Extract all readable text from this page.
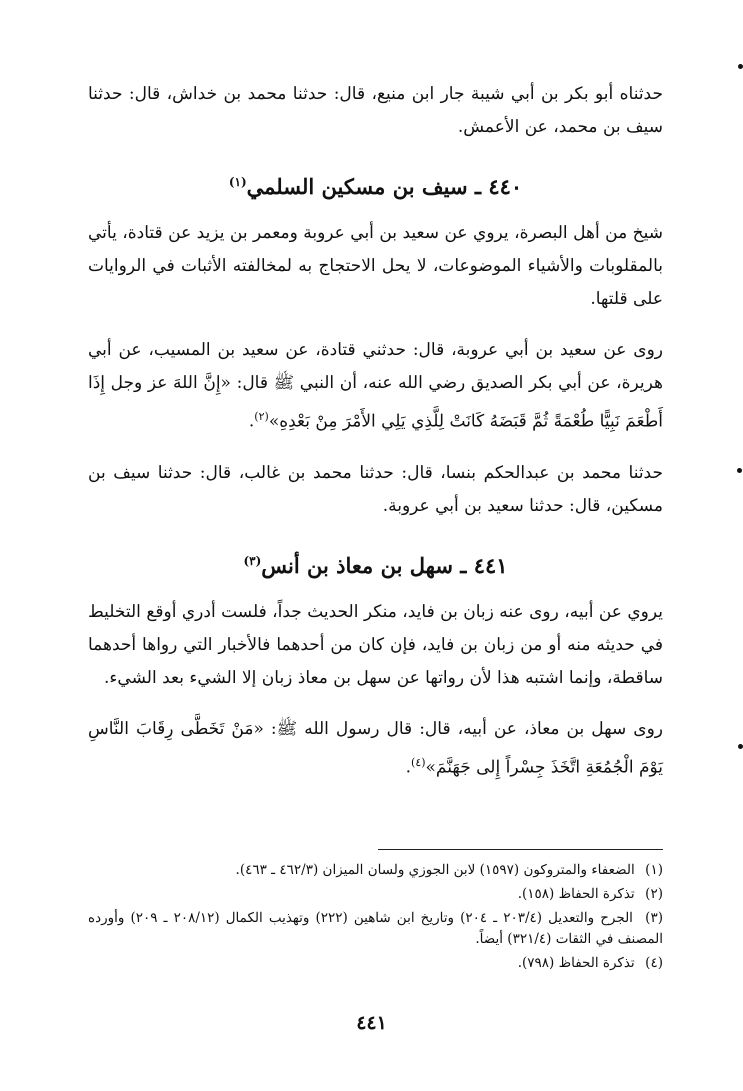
حدثناه أبو بكر بن أبي شيبة جار ابن منيع، قال: حدثنا محمد بن خداش، قال: حدثنا سيف بن محمد، عن الأعمش.

٤٤٠ ـ سيف بن مسكين السلمي$^{(١)}$

شيخ من أهل البصرة، يروي عن سعيد بن أبي عروبة ومعمر بن يزيد عن قتادة، يأتي بالمقلوبات والأشياء الموضوعات، لا يحل الاحتجاج به لمخالفته الأثبات في الروايات على قلتها.

روى عن سعيد بن أبي عروبة، قال: حدثني قتادة، عن سعيد بن المسيب، عن أبي هريرة، عن أبي بكر الصديق رضي الله عنه، أن النبي ﷺ قال: «إِنَّ اللهَ عز وجل إِذَا أَطْعَمَ نَبِيًّا طُعْمَةً ثُمَّ قَبَضَهُ كَانَتْ لِلَّذِي يَلِي الأَمْرَ مِنْ بَعْدِهِ»$^{(٢)}$.

حدثنا محمد بن عبدالحكم بنسا، قال: حدثنا محمد بن غالب، قال: حدثنا سيف بن مسكين، قال: حدثنا سعيد بن أبي عروبة.

٤٤١ ـ سهل بن معاذ بن أنس$^{(٣)}$

يروي عن أبيه، روى عنه زبان بن فايد، منكر الحديث جداً، فلست أدري أوقع التخليط في حديثه منه أو من زبان بن فايد، فإن كان من أحدهما فالأخبار التي رواها أحدهما ساقطة، وإنما اشتبه هذا لأن رواتها عن سهل بن معاذ زبان إلا الشيء بعد الشيء.

روى سهل بن معاذ، عن أبيه، قال: قال رسول الله ﷺ: «مَنْ تَخَطَّى رِقَابَ النَّاسِ يَوْمَ الْجُمُعَةِ اتَّخَذَ جِسْراً إِلى جَهَنَّمَ»$^{(٤)}$.

(١) الضعفاء والمتروكون (١٥٩٧) لابن الجوزي ولسان الميزان (٤٦٢/٣ ـ ٤٦٣).

(٢) تذكرة الحفاظ (١٥٨).

(٣) الجرح والتعديل (٢٠٣/٤ ـ ٢٠٤) وتاريخ ابن شاهين (٢٢٢) وتهذيب الكمال (٢٠٨/١٢ ـ ٢٠٩) وأورده المصنف في الثقات (٣٢١/٤) أيضاً.

(٤) تذكرة الحفاظ (٧٩٨).

٤٤١
